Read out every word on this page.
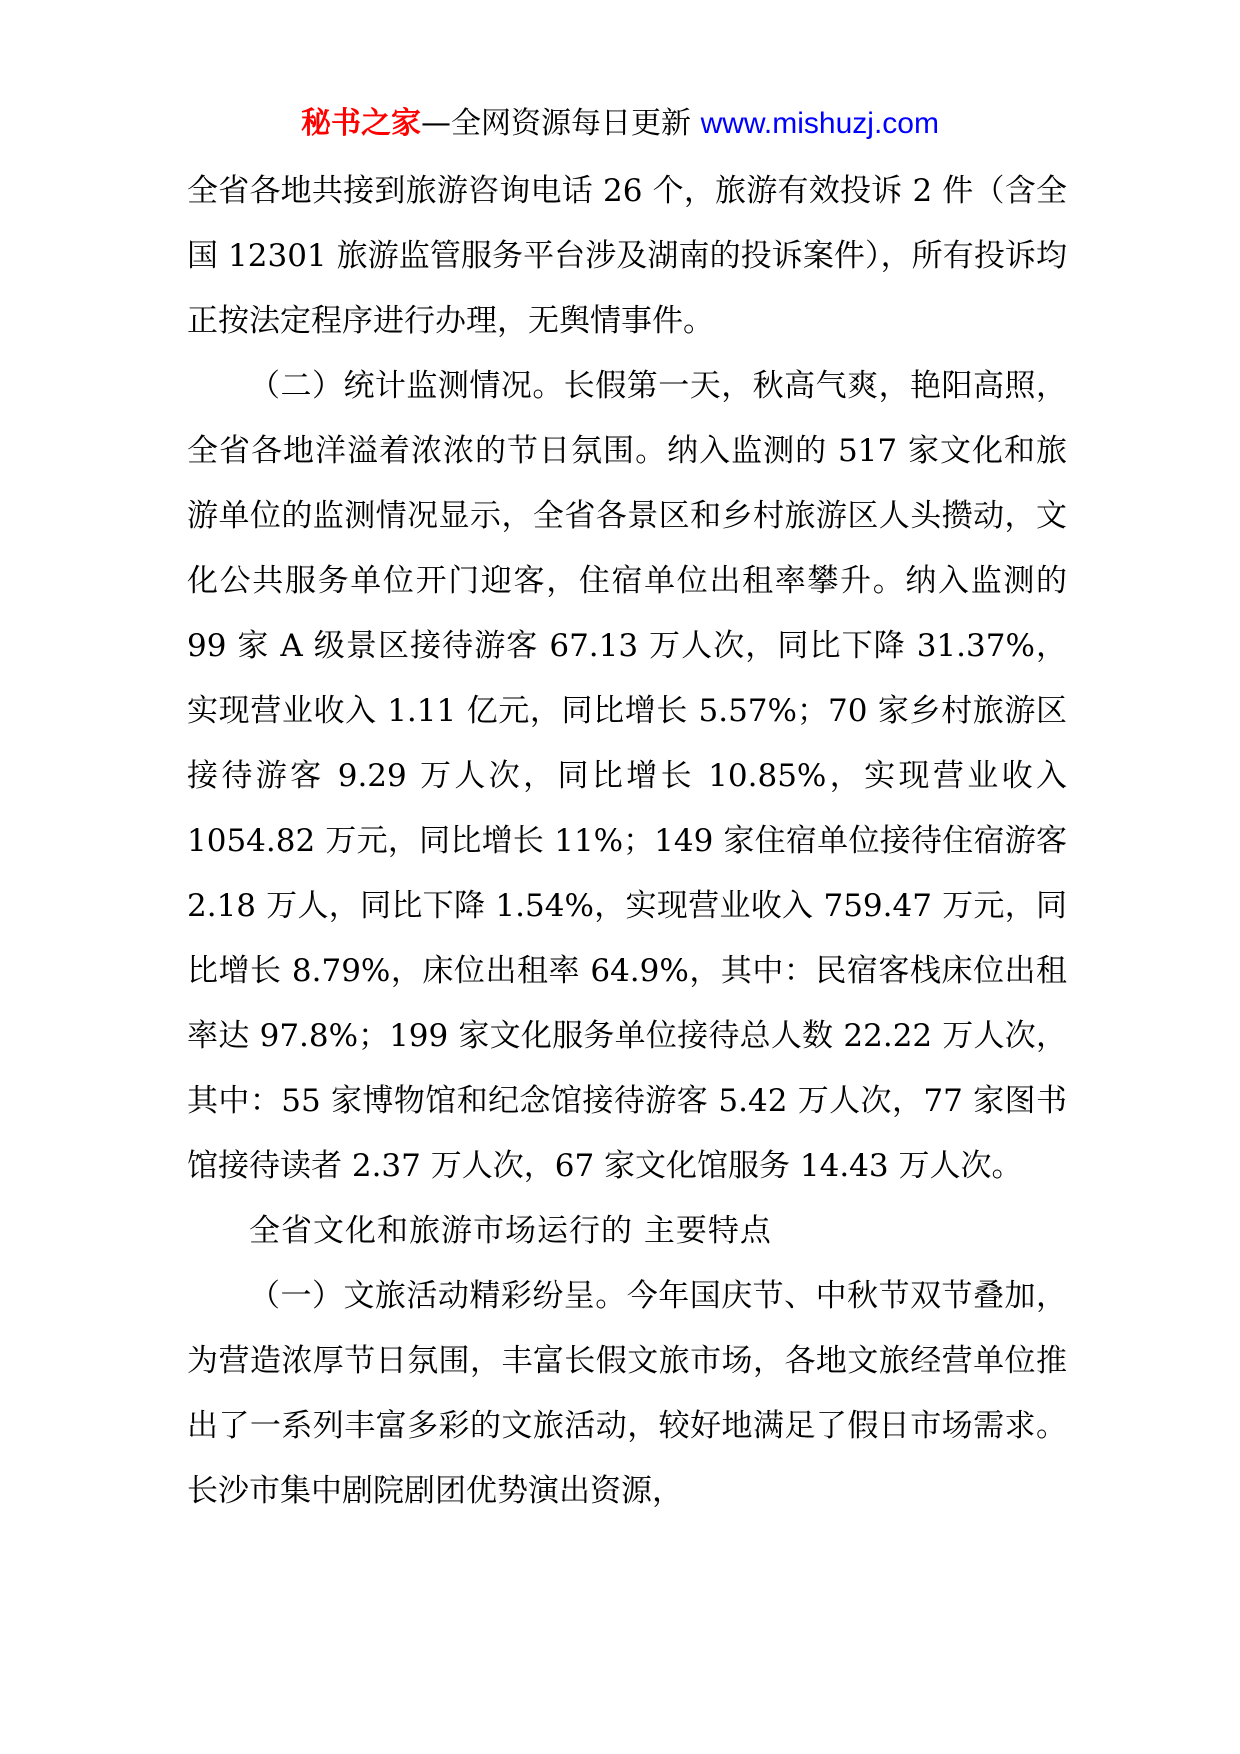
秘书之家—全网资源每日更新 www.mishuzj.com

全省各地共接到旅游咨询电话 26 个，旅游有效投诉 2 件（含全国 12301 旅游监管服务平台涉及湖南的投诉案件），所有投诉均正按法定程序进行办理，无舆情事件。

（二）统计监测情况。长假第一天，秋高气爽，艳阳高照，全省各地洋溢着浓浓的节日氛围。纳入监测的 517 家文化和旅游单位的监测情况显示，全省各景区和乡村旅游区人头攒动，文化公共服务单位开门迎客，住宿单位出租率攀升。纳入监测的 99 家 A 级景区接待游客 67.13 万人次，同比下降 31.37%，实现营业收入 1.11 亿元，同比增长 5.57%；70 家乡村旅游区接待游客 9.29 万人次，同比增长 10.85%，实现营业收入 1054.82 万元，同比增长 11%；149 家住宿单位接待住宿游客 2.18 万人，同比下降 1.54%，实现营业收入 759.47 万元，同比增长 8.79%，床位出租率 64.9%，其中：民宿客栈床位出租率达 97.8%；199 家文化服务单位接待总人数 22.22 万人次，其中：55 家博物馆和纪念馆接待游客 5.42 万人次，77 家图书馆接待读者 2.37 万人次，67 家文化馆服务 14.43 万人次。

全省文化和旅游市场运行的 主要特点

（一）文旅活动精彩纷呈。今年国庆节、中秋节双节叠加，为营造浓厚节日氛围，丰富长假文旅市场，各地文旅经营单位推出了一系列丰富多彩的文旅活动，较好地满足了假日市场需求。长沙市集中剧院剧团优势演出资源，
